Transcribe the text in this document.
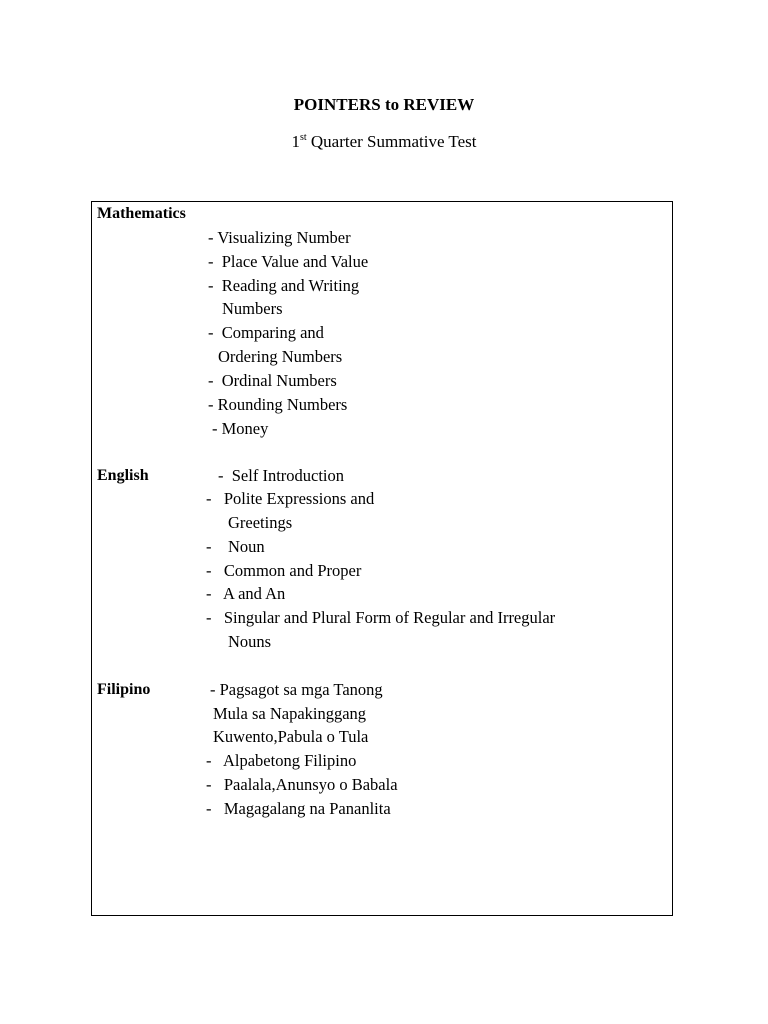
POINTERS to REVIEW

1st Quarter Summative Test

Mathematics
- Visualizing Number
-  Place Value and Value
-  Reading and Writing
Numbers
-  Comparing and
Ordering Numbers
-  Ordinal Numbers
- Rounding Numbers
- Money
English	-  Self Introduction
-   Polite Expressions and
Greetings
-    Noun
-   Common and Proper
-   A and An
-   Singular and Plural Form of Regular and Irregular
Nouns
Filipino	- Pagsagot sa mga Tanong
Mula sa Napakinggang
Kuwento,Pabula o Tula
-   Alpabetong Filipino
-   Paalala,Anunsyo o Babala
-   Magagalang na Pananlita
